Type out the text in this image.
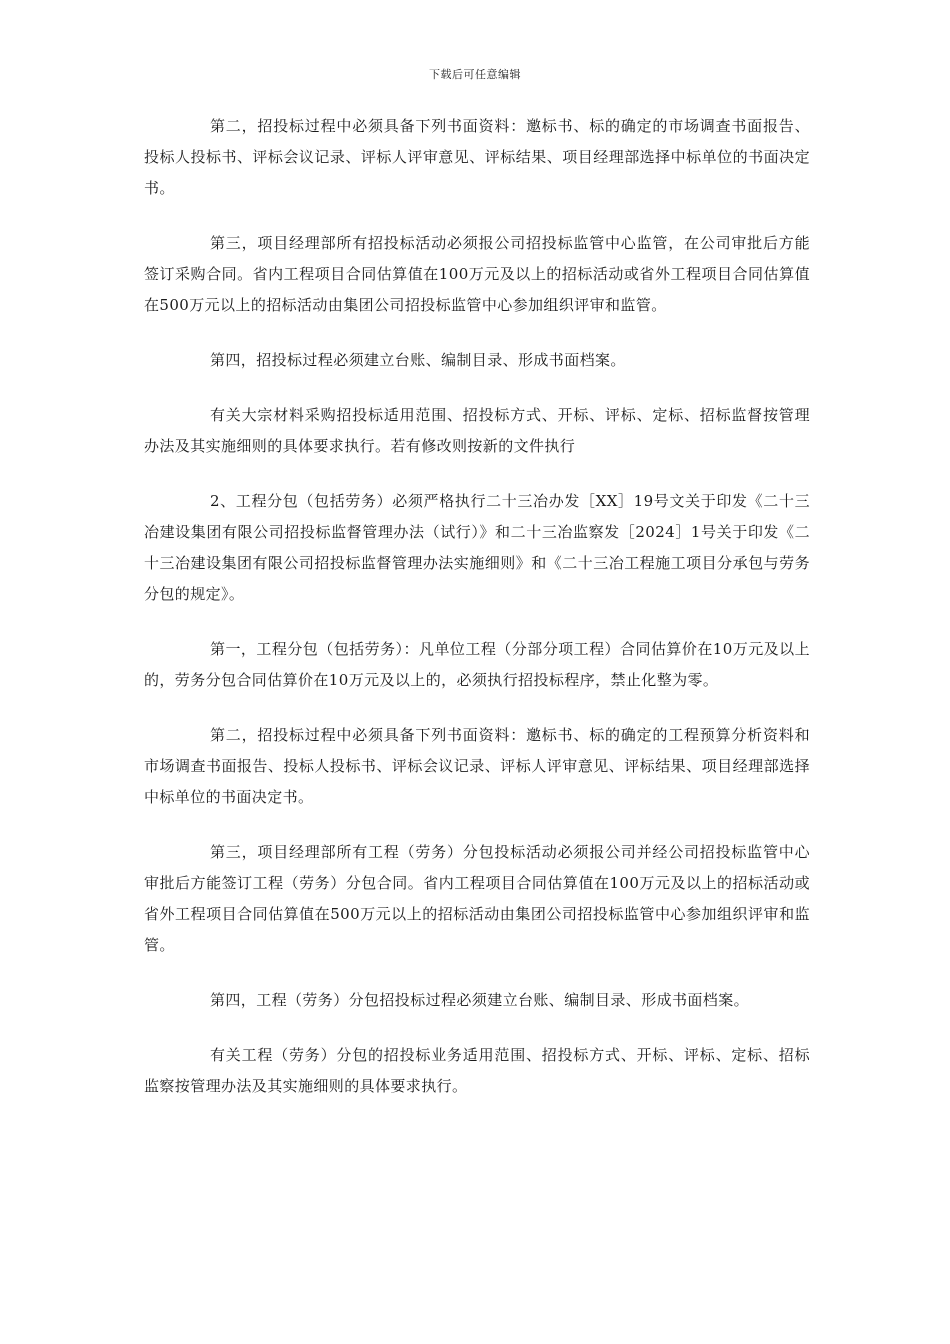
下载后可任意编辑

第二，招投标过程中必须具备下列书面资料：邀标书、标的确定的市场调查书面报告、投标人投标书、评标会议记录、评标人评审意见、评标结果、项目经理部选择中标单位的书面决定书。

第三，项目经理部所有招投标活动必须报公司招投标监管中心监管，在公司审批后方能签订采购合同。省内工程项目合同估算值在100万元及以上的招标活动或省外工程项目合同估算值在500万元以上的招标活动由集团公司招投标监管中心参加组织评审和监管。

第四，招投标过程必须建立台账、编制目录、形成书面档案。

有关大宗材料采购招投标适用范围、招投标方式、开标、评标、定标、招标监督按管理办法及其实施细则的具体要求执行。若有修改则按新的文件执行

2、工程分包（包括劳务）必须严格执行二十三冶办发［XX］19号文关于印发《二十三冶建设集团有限公司招投标监督管理办法（试行）》和二十三冶监察发［2024］1号关于印发《二十三冶建设集团有限公司招投标监督管理办法实施细则》和《二十三冶工程施工项目分承包与劳务分包的规定》。

第一，工程分包（包括劳务）：凡单位工程（分部分项工程）合同估算价在10万元及以上的，劳务分包合同估算价在10万元及以上的，必须执行招投标程序，禁止化整为零。

第二，招投标过程中必须具备下列书面资料：邀标书、标的确定的工程预算分析资料和市场调查书面报告、投标人投标书、评标会议记录、评标人评审意见、评标结果、项目经理部选择中标单位的书面决定书。

第三，项目经理部所有工程（劳务）分包投标活动必须报公司并经公司招投标监管中心审批后方能签订工程（劳务）分包合同。省内工程项目合同估算值在100万元及以上的招标活动或省外工程项目合同估算值在500万元以上的招标活动由集团公司招投标监管中心参加组织评审和监管。

第四，工程（劳务）分包招投标过程必须建立台账、编制目录、形成书面档案。

有关工程（劳务）分包的招投标业务适用范围、招投标方式、开标、评标、定标、招标监察按管理办法及其实施细则的具体要求执行。
